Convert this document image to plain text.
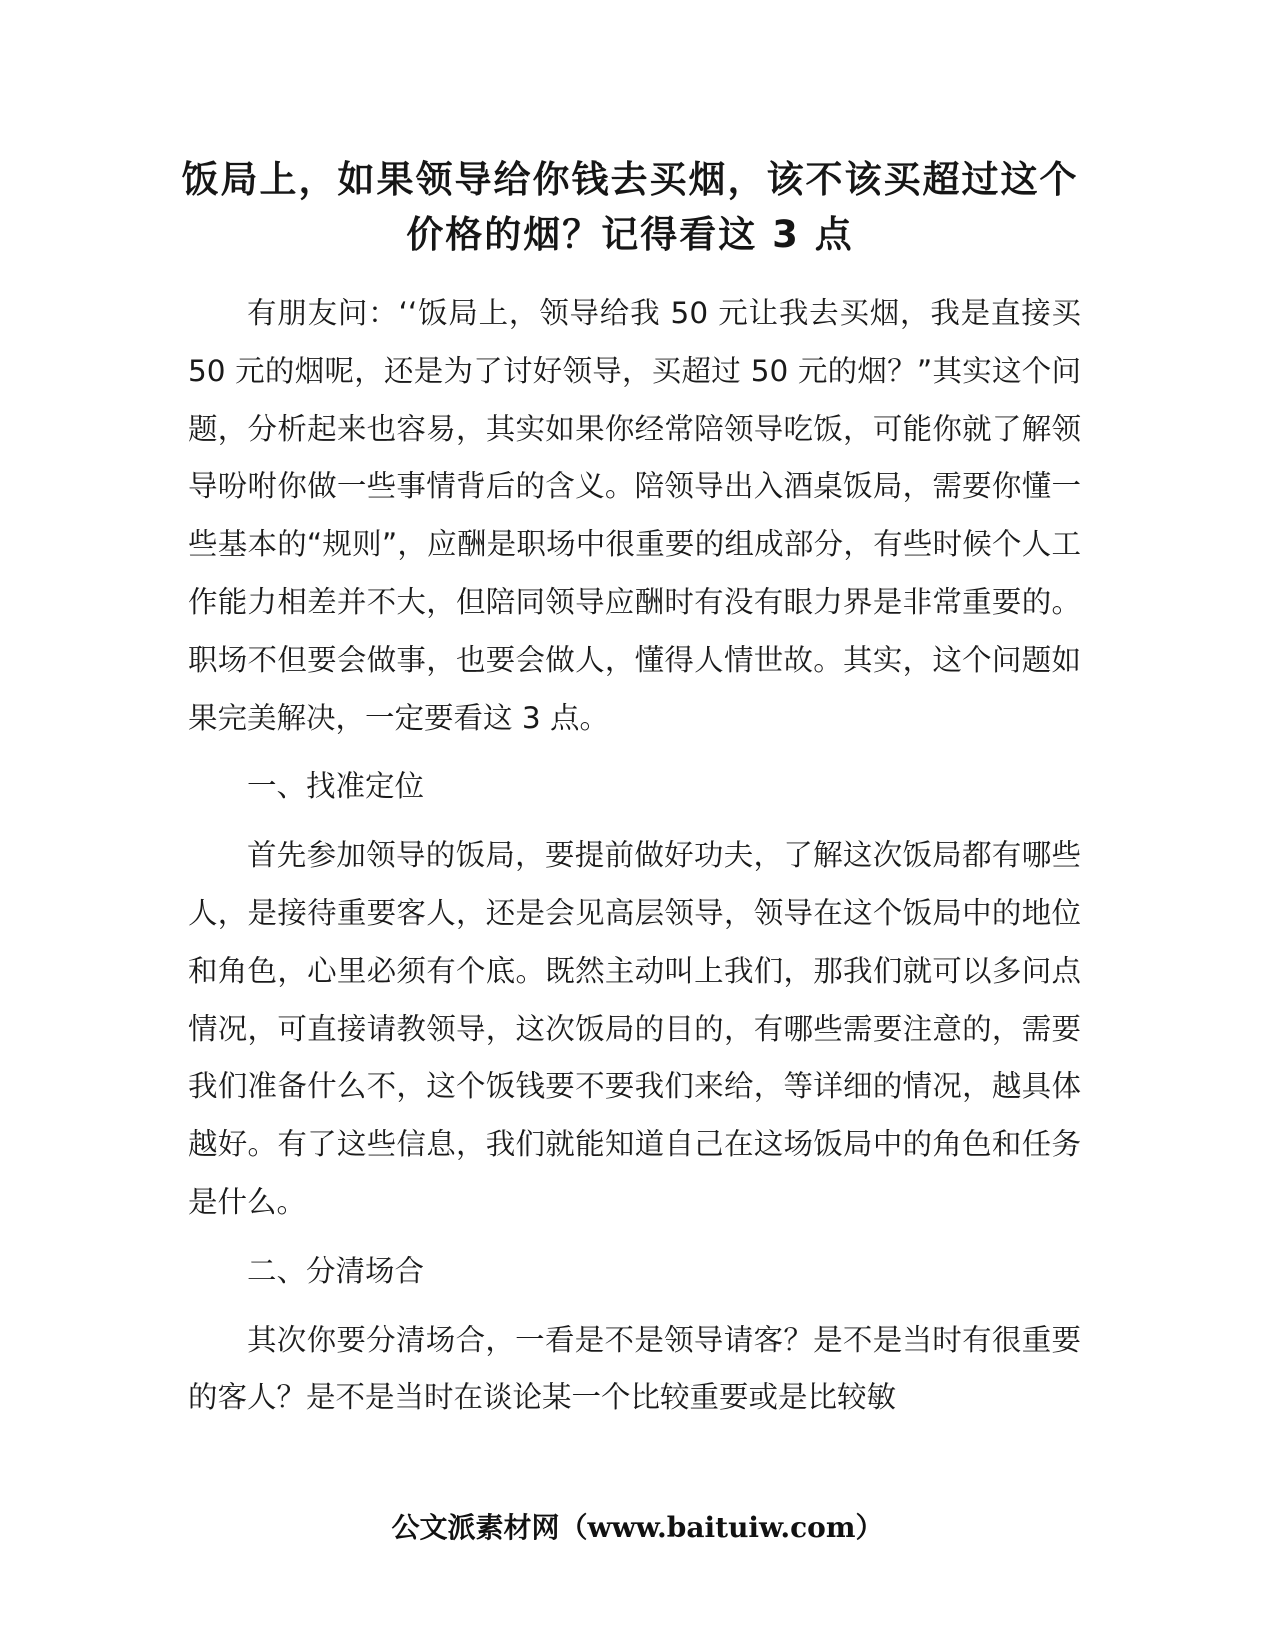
饭局上，如果领导给你钱去买烟，该不该买超过这个价格的烟？记得看这 3 点

有朋友问：‘‘饭局上，领导给我 50 元让我去买烟，我是直接买 50 元的烟呢，还是为了讨好领导，买超过 50 元的烟？”其实这个问题，分析起来也容易，其实如果你经常陪领导吃饭，可能你就了解领导吩咐你做一些事情背后的含义。陪领导出入酒桌饭局，需要你懂一些基本的“规则”，应酬是职场中很重要的组成部分，有些时候个人工作能力相差并不大，但陪同领导应酬时有没有眼力界是非常重要的。职场不但要会做事，也要会做人，懂得人情世故。其实，这个问题如果完美解决，一定要看这 3 点。

一、找准定位

首先参加领导的饭局，要提前做好功夫，了解这次饭局都有哪些人，是接待重要客人，还是会见高层领导，领导在这个饭局中的地位和角色，心里必须有个底。既然主动叫上我们，那我们就可以多问点情况，可直接请教领导，这次饭局的目的，有哪些需要注意的，需要我们准备什么不，这个饭钱要不要我们来给，等详细的情况，越具体越好。有了这些信息，我们就能知道自己在这场饭局中的角色和任务是什么。

二、分清场合

其次你要分清场合，一看是不是领导请客？是不是当时有很重要的客人？是不是当时在谈论某一个比较重要或是比较敏

公文派素材网（www.baituiw.com）
